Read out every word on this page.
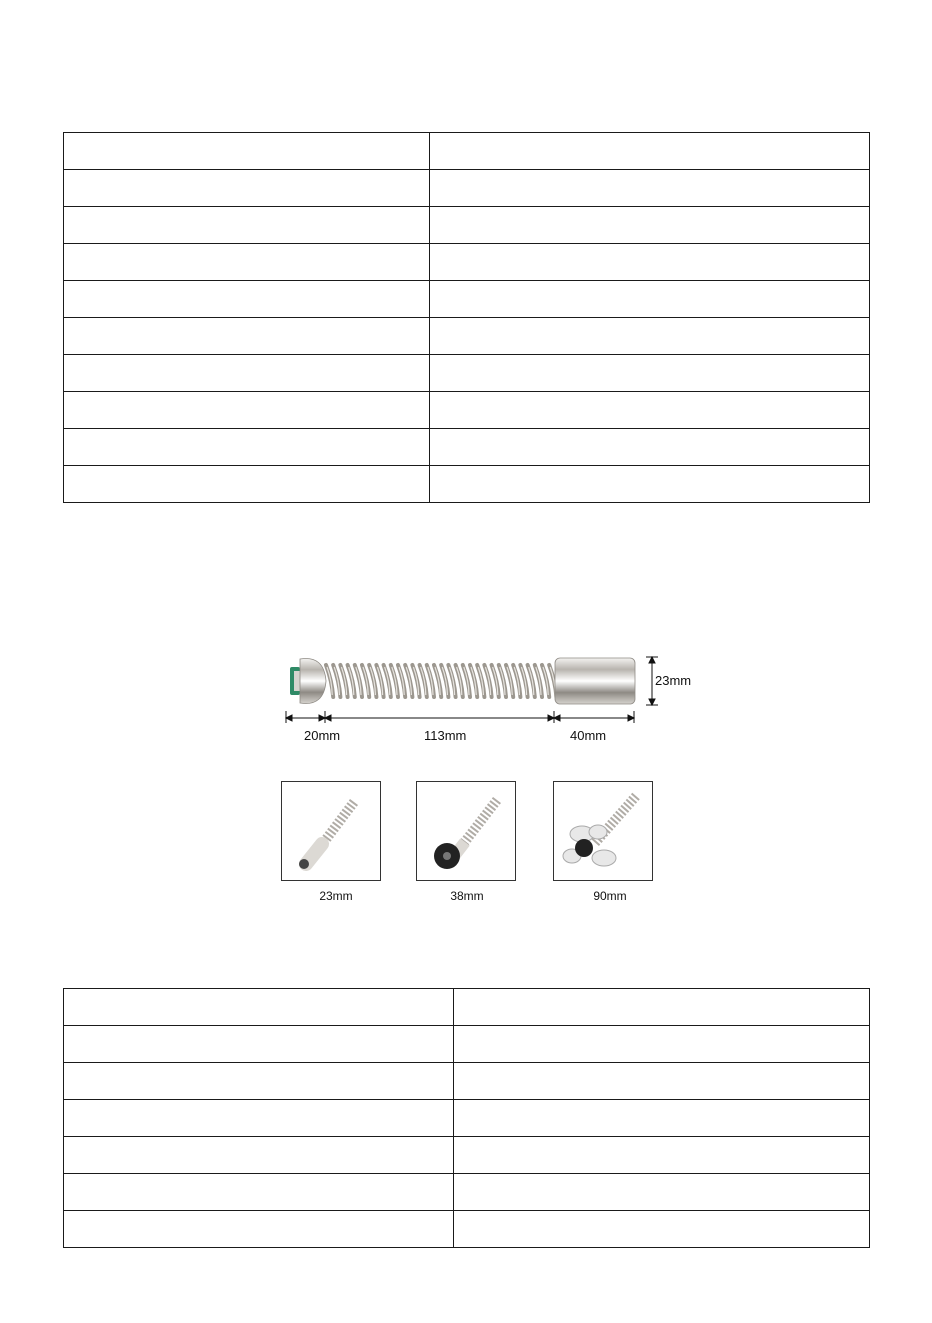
23mm
20mm	113mm	40mm
23mm	38mm	90mm
